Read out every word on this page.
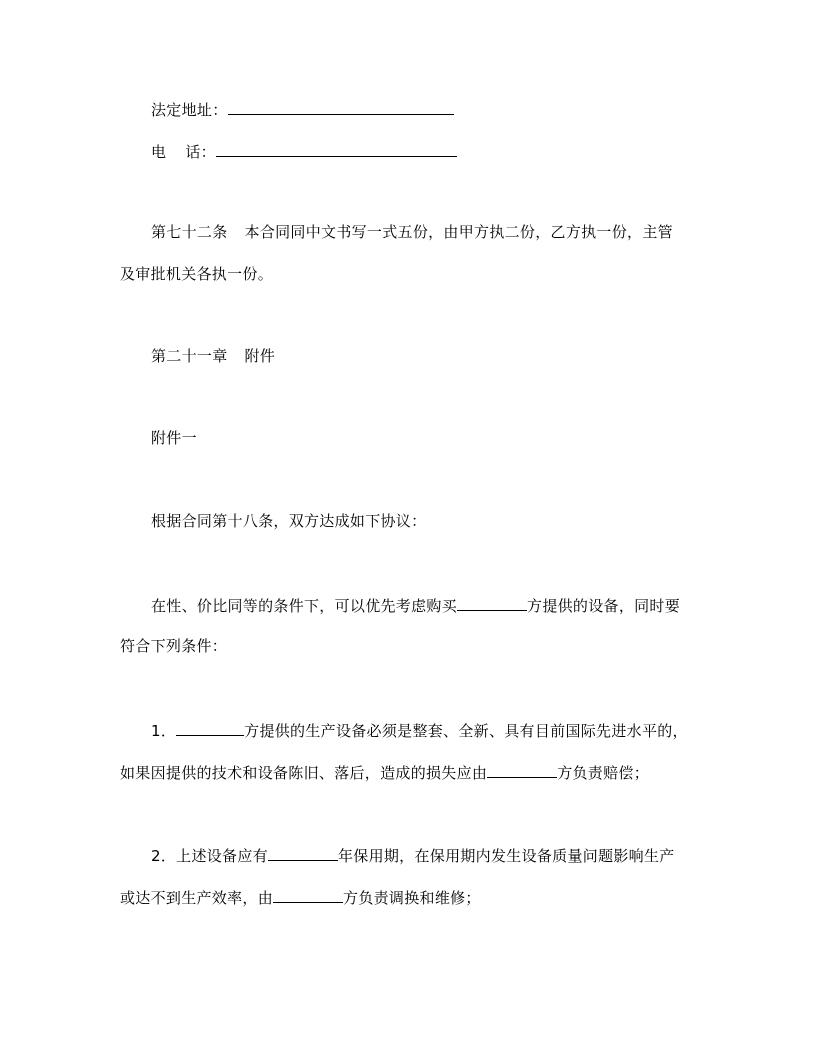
法定地址：
电 话：
第七十二条 本合同同中文书写一式五份，由甲方执二份，乙方执一份，主管
及审批机关各执一份。
第二十一章 附件
附件一
根据合同第十八条，双方达成如下协议：
在性、价比同等的条件下，可以优先考虑购买	方提供的设备，同时要
符合下列条件：
1．	方提供的生产设备必须是整套、全新、具有目前国际先进水平的，
如果因提供的技术和设备陈旧、落后，造成的损失应由	方负责赔偿；
2．上述设备应有	年保用期，在保用期内发生设备质量问题影响生产
或达不到生产效率，由	方负责调换和维修；
